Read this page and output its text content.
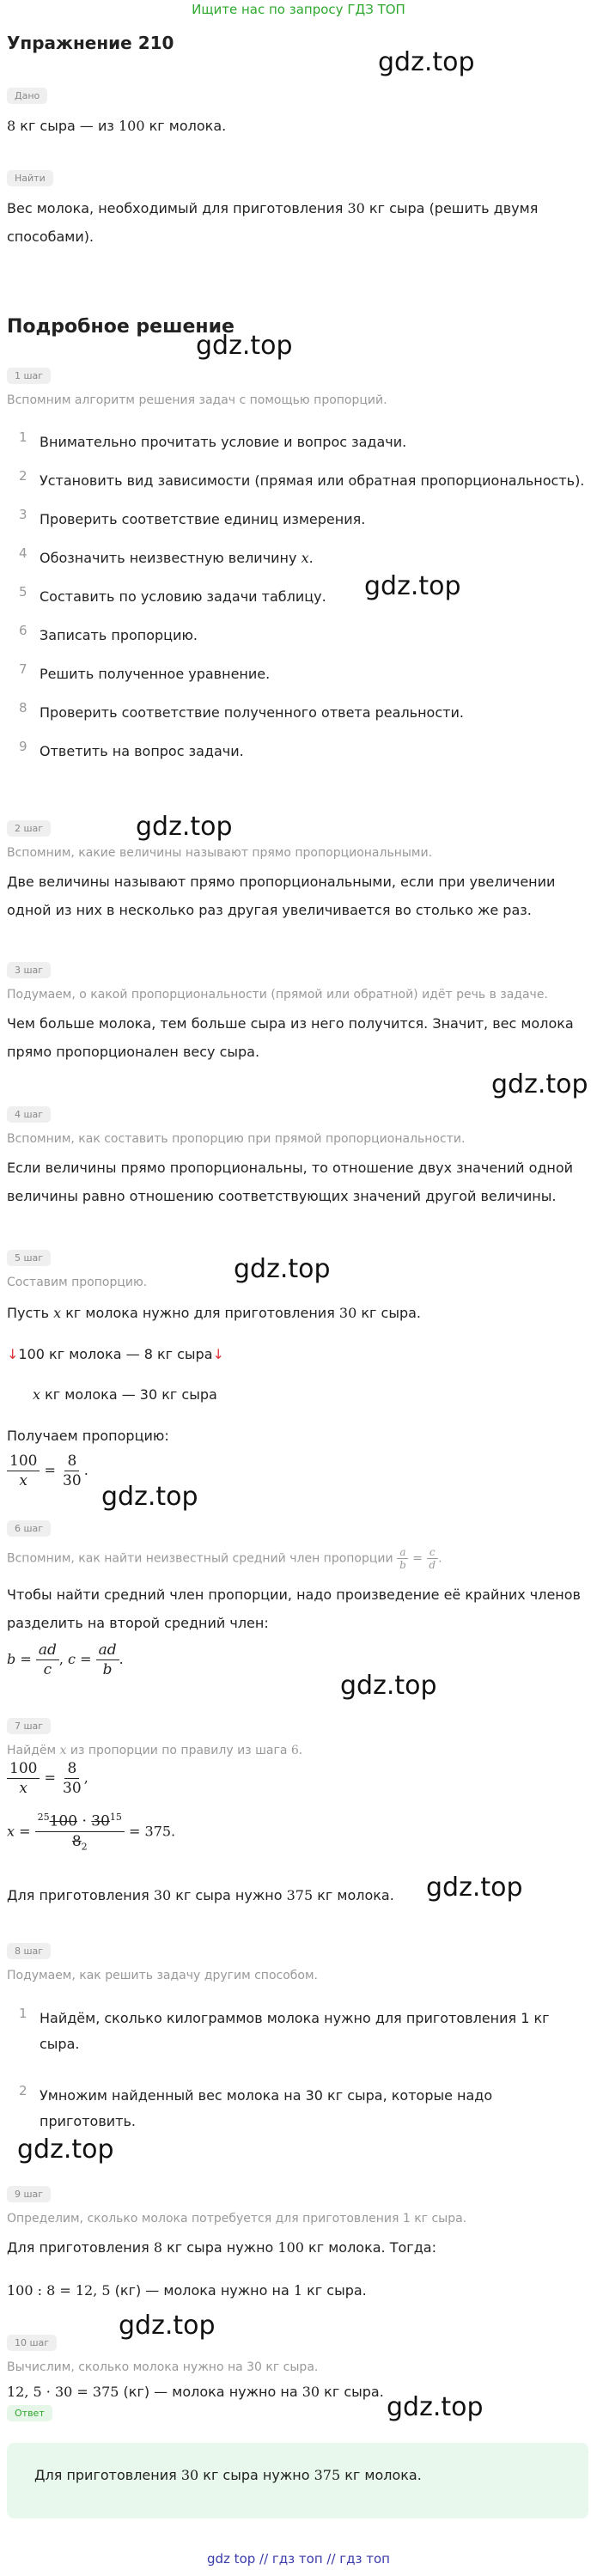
Ищите нас по запросу ГДЗ ТОП
Упражнение 210
gdz.top
gdz.top
gdz.top
gdz.top
gdz.top
gdz.top
gdz.top
gdz.top
gdz.top
gdz.top
gdz.top
gdz.top
Дано
8 кг сыра — из 100 кг молока.
Найти
Вес молока, необходимый для приготовления 30 кг сыра (решить двумя
способами).
Подробное решение
1 шаг
Вспомним алгоритм решения задач с помощью пропорций.
1 Внимательно прочитать условие и вопрос задачи.
2 Установить вид зависимости (прямая или обратная пропорциональность).
3 Проверить соответствие единиц измерения.
4 Обозначить неизвестную величину x.
5 Составить по условию задачи таблицу.
6 Записать пропорцию.
7 Решить полученное уравнение.
8 Проверить соответствие полученного ответа реальности.
9 Ответить на вопрос задачи.
2 шаг
Вспомним, какие величины называют прямо пропорциональными.
Две величины называют прямо пропорциональными, если при увеличении
одной из них в несколько раз другая увеличивается во столько же раз.
3 шаг
Подумаем, о какой пропорциональности (прямой или обратной) идёт речь в задаче.
Чем больше молока, тем больше сыра из него получится. Значит, вес молока
прямо пропорционален весу сыра.
4 шаг
Вспомним, как составить пропорцию при прямой пропорциональности.
Если величины прямо пропорциональны, то отношение двух значений одной
величины равно отношению соответствующих значений другой величины.
5 шаг
Составим пропорцию.
Пусть x кг молока нужно для приготовления 30 кг сыра.
↓100 кг молока — 8 кг сыра↓
x кг молока — 30 кг сыра
Получаем пропорцию:
$\frac{100}{x} = \frac{8}{30}$ .
6 шаг
Вспомним, как найти неизвестный средний член пропорции $\frac{a}{b} = \frac{c}{d}$ .
Чтобы найти средний член пропорции, надо произведение её крайних членов
разделить на второй средний член:
$b = \frac{ad}{c}$ , $c = \frac{ad}{b}$ .
7 шаг
Найдём x из пропорции по правилу из шага 6.
$\frac{100}{x} = \frac{8}{30}$ ,
$x = \frac{^{25}100 \cdot 30^{15}}{8_2} = 375$.
Для приготовления 30 кг сыра нужно 375 кг молока.
8 шаг
Подумаем, как решить задачу другим способом.
1 Найдём, сколько килограммов молока нужно для приготовления 1 кг
сыра.
2 Умножим найденный вес молока на 30 кг сыра, которые надо
приготовить.
9 шаг
Определим, сколько молока потребуется для приготовления 1 кг сыра.
Для приготовления 8 кг сыра нужно 100 кг молока. Тогда:
100 : 8 = 12, 5 (кг) — молока нужно на 1 кг сыра.
10 шаг
Вычислим, сколько молока нужно на 30 кг сыра.
12, 5 · 30 = 375 (кг) — молока нужно на 30 кг сыра.
Ответ
Для приготовления 30 кг сыра нужно 375 кг молока.
gdz top // гдз топ // гдз топ
